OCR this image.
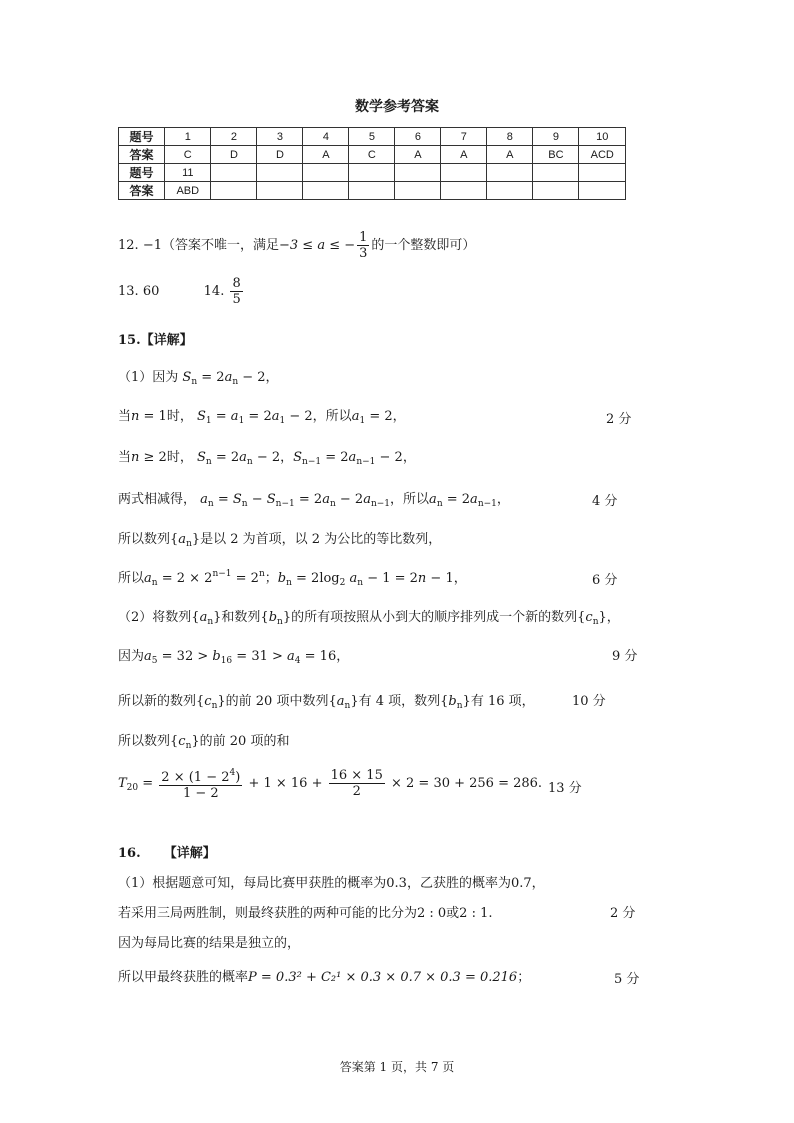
数学参考答案
题号	1	2	3	4	5	6	7	8	9	10
答案	C	D	D	A	C	A	A	A	BC	ACD
题号	11									
答案	ABD									
12. −1（答案不唯一，满足−3 ≤ a ≤ − $\frac{1}{3}$ 的一个整数即可）
13. 60	14. $\frac{8}{5}$
15.【详解】
（1）因为 $S_n = 2a_n - 2$，
当n = 1时， $S_1 = a_1 = 2a_1 - 2$，所以$a_1 = 2$，	2 分
当n ≥ 2时， $S_n = 2a_n - 2$，$S_{n-1} = 2a_{n-1} - 2$，
两式相减得， $a_n = S_n - S_{n-1} = 2a_n - 2a_{n-1}$，所以$a_n = 2a_{n-1}$，	4 分
所以数列$\{a_n\}$是以 2 为首项，以 2 为公比的等比数列，
所以$a_n = 2 \times 2^{n-1} = 2^n$；$b_n = 2\log_2$ $a_n - 1 = 2n - 1$，	6 分
（2）将数列$\{a_n\}$和数列$\{b_n\}$的所有项按照从小到大的顺序排列成一个新的数列$\{c_n\}$，
因为$a_5 = 32 > b_{16} = 31 > a_4 = 16$，	9 分
所以新的数列$\{c_n\}$的前 20 项中数列$\{a_n\}$有 4 项，数列$\{b_n\}$有 16 项，	10 分
所以数列$\{c_n\}$的前 20 项的和
$T_{20} = \frac{2 \times (1 - 2^4)}{1 - 2} + 1 \times 16 + \frac{16 \times 15}{2} \times 2 = 30 + 256 = 286$. 13 分
16. 【详解】
（1）根据题意可知，每局比赛甲获胜的概率为0.3，乙获胜的概率为0.7，
若采用三局两胜制，则最终获胜的两种可能的比分为2 : 0或2 : 1.	2 分
因为每局比赛的结果是独立的，
所以甲最终获胜的概率P = 0.3² + C₂¹ × 0.3 × 0.7 × 0.3 = 0.216；	5 分
答案第 1 页，共 7 页
